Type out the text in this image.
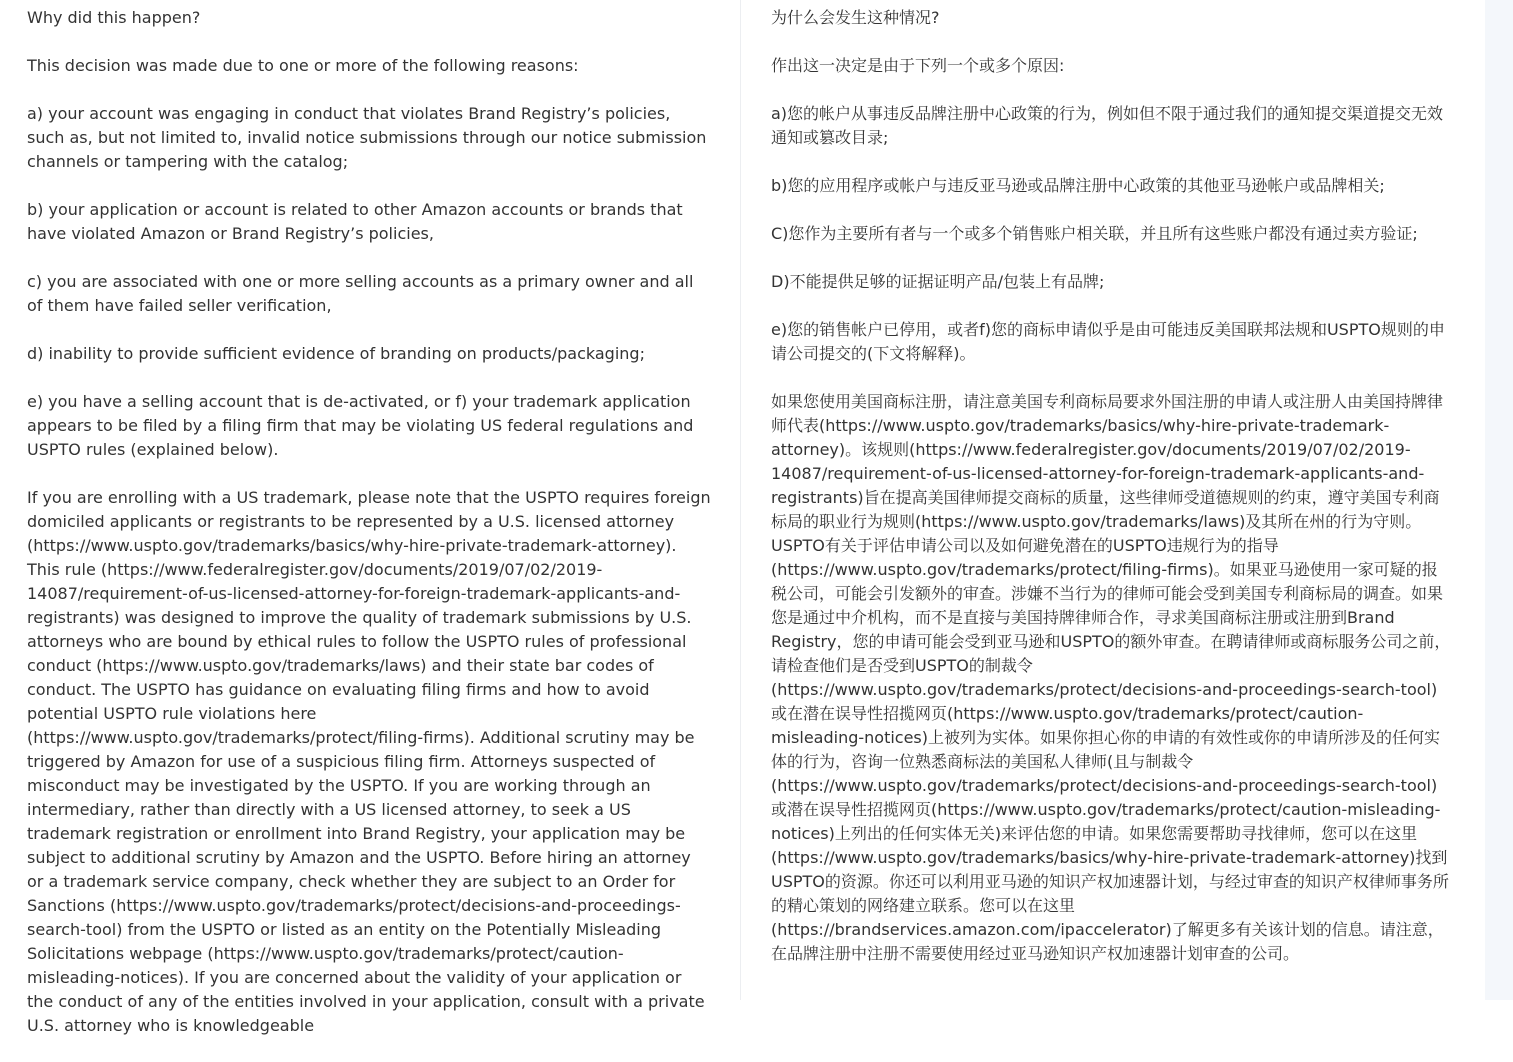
Why did this happen?

This decision was made due to one or more of the following reasons:

a) your account was engaging in conduct that violates Brand Registry’s policies, such as, but not limited to, invalid notice submissions through our notice submission channels or tampering with the catalog;

b) your application or account is related to other Amazon accounts or brands that have violated Amazon or Brand Registry’s policies,

c) you are associated with one or more selling accounts as a primary owner and all of them have failed seller verification,

d) inability to provide sufficient evidence of branding on products/packaging;

e) you have a selling account that is de-activated, or f) your trademark application appears to be filed by a filing firm that may be violating US federal regulations and USPTO rules (explained below).

If you are enrolling with a US trademark, please note that the USPTO requires foreign domiciled applicants or registrants to be represented by a U.S. licensed attorney (https://www.uspto.gov/trademarks/basics/why-hire-private-trademark-attorney). This rule (https://www.federalregister.gov/documents/2019/07/02/2019-14087/requirement-of-us-licensed-attorney-for-foreign-trademark-applicants-and-registrants) was designed to improve the quality of trademark submissions by U.S. attorneys who are bound by ethical rules to follow the USPTO rules of professional conduct (https://www.uspto.gov/trademarks/laws) and their state bar codes of conduct. The USPTO has guidance on evaluating filing firms and how to avoid potential USPTO rule violations here (https://www.uspto.gov/trademarks/protect/filing-firms). Additional scrutiny may be triggered by Amazon for use of a suspicious filing firm. Attorneys suspected of misconduct may be investigated by the USPTO. If you are working through an intermediary, rather than directly with a US licensed attorney, to seek a US trademark registration or enrollment into Brand Registry, your application may be subject to additional scrutiny by Amazon and the USPTO. Before hiring an attorney or a trademark service company, check whether they are subject to an Order for Sanctions (https://www.uspto.gov/trademarks/protect/decisions-and-proceedings-search-tool) from the USPTO or listed as an entity on the Potentially Misleading Solicitations webpage (https://www.uspto.gov/trademarks/protect/caution-misleading-notices). If you are concerned about the validity of your application or the conduct of any of the entities involved in your application, consult with a private U.S. attorney who is knowledgeable

为什么会发生这种情况?

作出这一决定是由于下列一个或多个原因:

a)您的帐户从事违反品牌注册中心政策的行为，例如但不限于通过我们的通知提交渠道提交无效通知或篡改目录;

b)您的应用程序或帐户与违反亚马逊或品牌注册中心政策的其他亚马逊帐户或品牌相关;

C)您作为主要所有者与一个或多个销售账户相关联，并且所有这些账户都没有通过卖方验证;

D)不能提供足够的证据证明产品/包装上有品牌;

e)您的销售帐户已停用，或者f)您的商标申请似乎是由可能违反美国联邦法规和USPTO规则的申请公司提交的(下文将解释)。

如果您使用美国商标注册，请注意美国专利商标局要求外国注册的申请人或注册人由美国持牌律师代表(https://www.uspto.gov/trademarks/basics/why-hire-private-trademark-attorney)。该规则(https://www.federalregister.gov/documents/2019/07/02/2019-14087/requirement-of-us-licensed-attorney-for-foreign-trademark-applicants-and-registrants)旨在提高美国律师提交商标的质量，这些律师受道德规则的约束，遵守美国专利商标局的职业行为规则(https://www.uspto.gov/trademarks/laws)及其所在州的行为守则。USPTO有关于评估申请公司以及如何避免潜在的USPTO违规行为的指导(https://www.uspto.gov/trademarks/protect/filing-firms)。如果亚马逊使用一家可疑的报税公司，可能会引发额外的审查。涉嫌不当行为的律师可能会受到美国专利商标局的调查。如果您是通过中介机构，而不是直接与美国持牌律师合作，寻求美国商标注册或注册到Brand Registry，您的申请可能会受到亚马逊和USPTO的额外审查。在聘请律师或商标服务公司之前，请检查他们是否受到USPTO的制裁令(https://www.uspto.gov/trademarks/protect/decisions-and-proceedings-search-tool)或在潜在误导性招揽网页(https://www.uspto.gov/trademarks/protect/caution-misleading-notices)上被列为实体。如果你担心你的申请的有效性或你的申请所涉及的任何实体的行为，咨询一位熟悉商标法的美国私人律师(且与制裁令(https://www.uspto.gov/trademarks/protect/decisions-and-proceedings-search-tool)或潜在误导性招揽网页(https://www.uspto.gov/trademarks/protect/caution-misleading-notices)上列出的任何实体无关)来评估您的申请。如果您需要帮助寻找律师，您可以在这里(https://www.uspto.gov/trademarks/basics/why-hire-private-trademark-attorney)找到USPTO的资源。你还可以利用亚马逊的知识产权加速器计划，与经过审查的知识产权律师事务所的精心策划的网络建立联系。您可以在这里(https://brandservices.amazon.com/ipaccelerator)了解更多有关该计划的信息。请注意，在品牌注册中注册不需要使用经过亚马逊知识产权加速器计划审查的公司。
